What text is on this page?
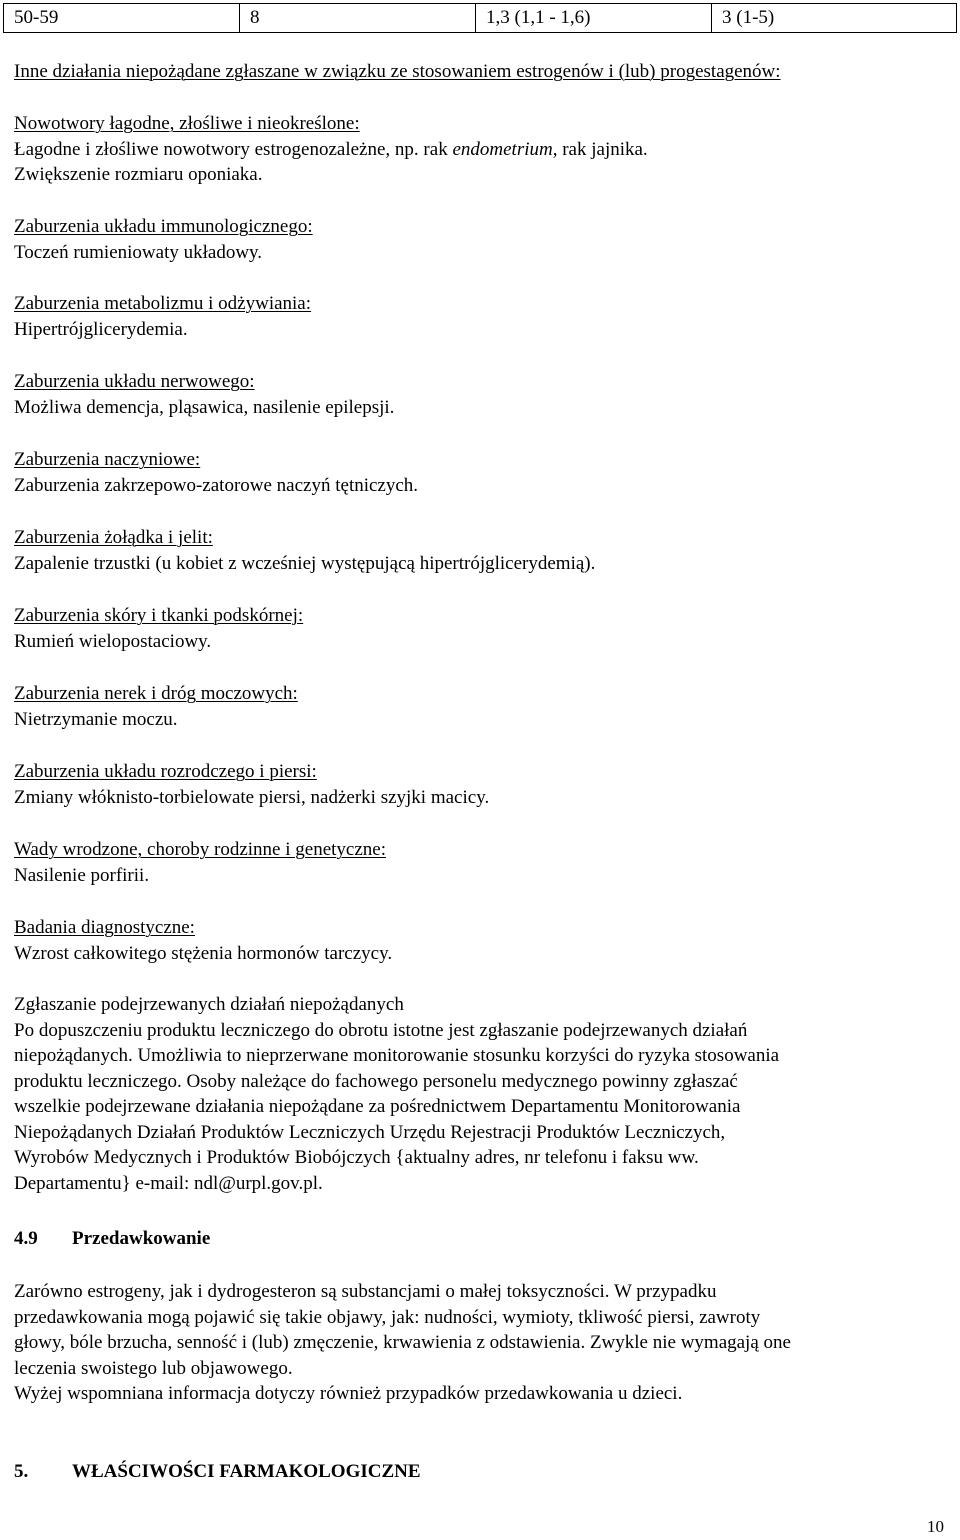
50-59	8	1,3 (1,1 - 1,6)	3 (1-5)
Inne działania niepożądane zgłaszane w związku ze stosowaniem estrogenów i (lub) progestagenów:
Nowotwory łagodne, złośliwe i nieokreślone:
Łagodne i złośliwe nowotwory estrogenozależne, np. rak endometrium, rak jajnika.
Zwiększenie rozmiaru oponiaka.
Zaburzenia układu immunologicznego:
Toczeń rumieniowaty układowy.
Zaburzenia metabolizmu i odżywiania:
Hipertrójglicerydemia.
Zaburzenia układu nerwowego:
Możliwa demencja, pląsawica, nasilenie epilepsji.
Zaburzenia naczyniowe:
Zaburzenia zakrzepowo-zatorowe naczyń tętniczych.
Zaburzenia żołądka i jelit:
Zapalenie trzustki (u kobiet z wcześniej występującą hipertrójglicerydemią).
Zaburzenia skóry i tkanki podskórnej:
Rumień wielopostaciowy.
Zaburzenia nerek i dróg moczowych:
Nietrzymanie moczu.
Zaburzenia układu rozrodczego i piersi:
Zmiany włóknisto-torbielowate piersi, nadżerki szyjki macicy.
Wady wrodzone, choroby rodzinne i genetyczne:
Nasilenie porfirii.
Badania diagnostyczne:
Wzrost całkowitego stężenia hormonów tarczycy.
Zgłaszanie podejrzewanych działań niepożądanych
Po dopuszczeniu produktu leczniczego do obrotu istotne jest zgłaszanie podejrzewanych działań
niepożądanych. Umożliwia to nieprzerwane monitorowanie stosunku korzyści do ryzyka stosowania
produktu leczniczego. Osoby należące do fachowego personelu medycznego powinny zgłaszać
wszelkie podejrzewane działania niepożądane za pośrednictwem Departamentu Monitorowania
Niepożądanych Działań Produktów Leczniczych Urzędu Rejestracji Produktów Leczniczych,
Wyrobów Medycznych i Produktów Biobójczych {aktualny adres, nr telefonu i faksu ww.
Departamentu} e-mail: ndl@urpl.gov.pl.
4.9 Przedawkowanie
Zarówno estrogeny, jak i dydrogesteron są substancjami o małej toksyczności. W przypadku
przedawkowania mogą pojawić się takie objawy, jak: nudności, wymioty, tkliwość piersi, zawroty
głowy, bóle brzucha, senność i (lub) zmęczenie, krwawienia z odstawienia. Zwykle nie wymagają one
leczenia swoistego lub objawowego.
Wyżej wspomniana informacja dotyczy również przypadków przedawkowania u dzieci.
5. WŁAŚCIWOŚCI FARMAKOLOGICZNE
10
